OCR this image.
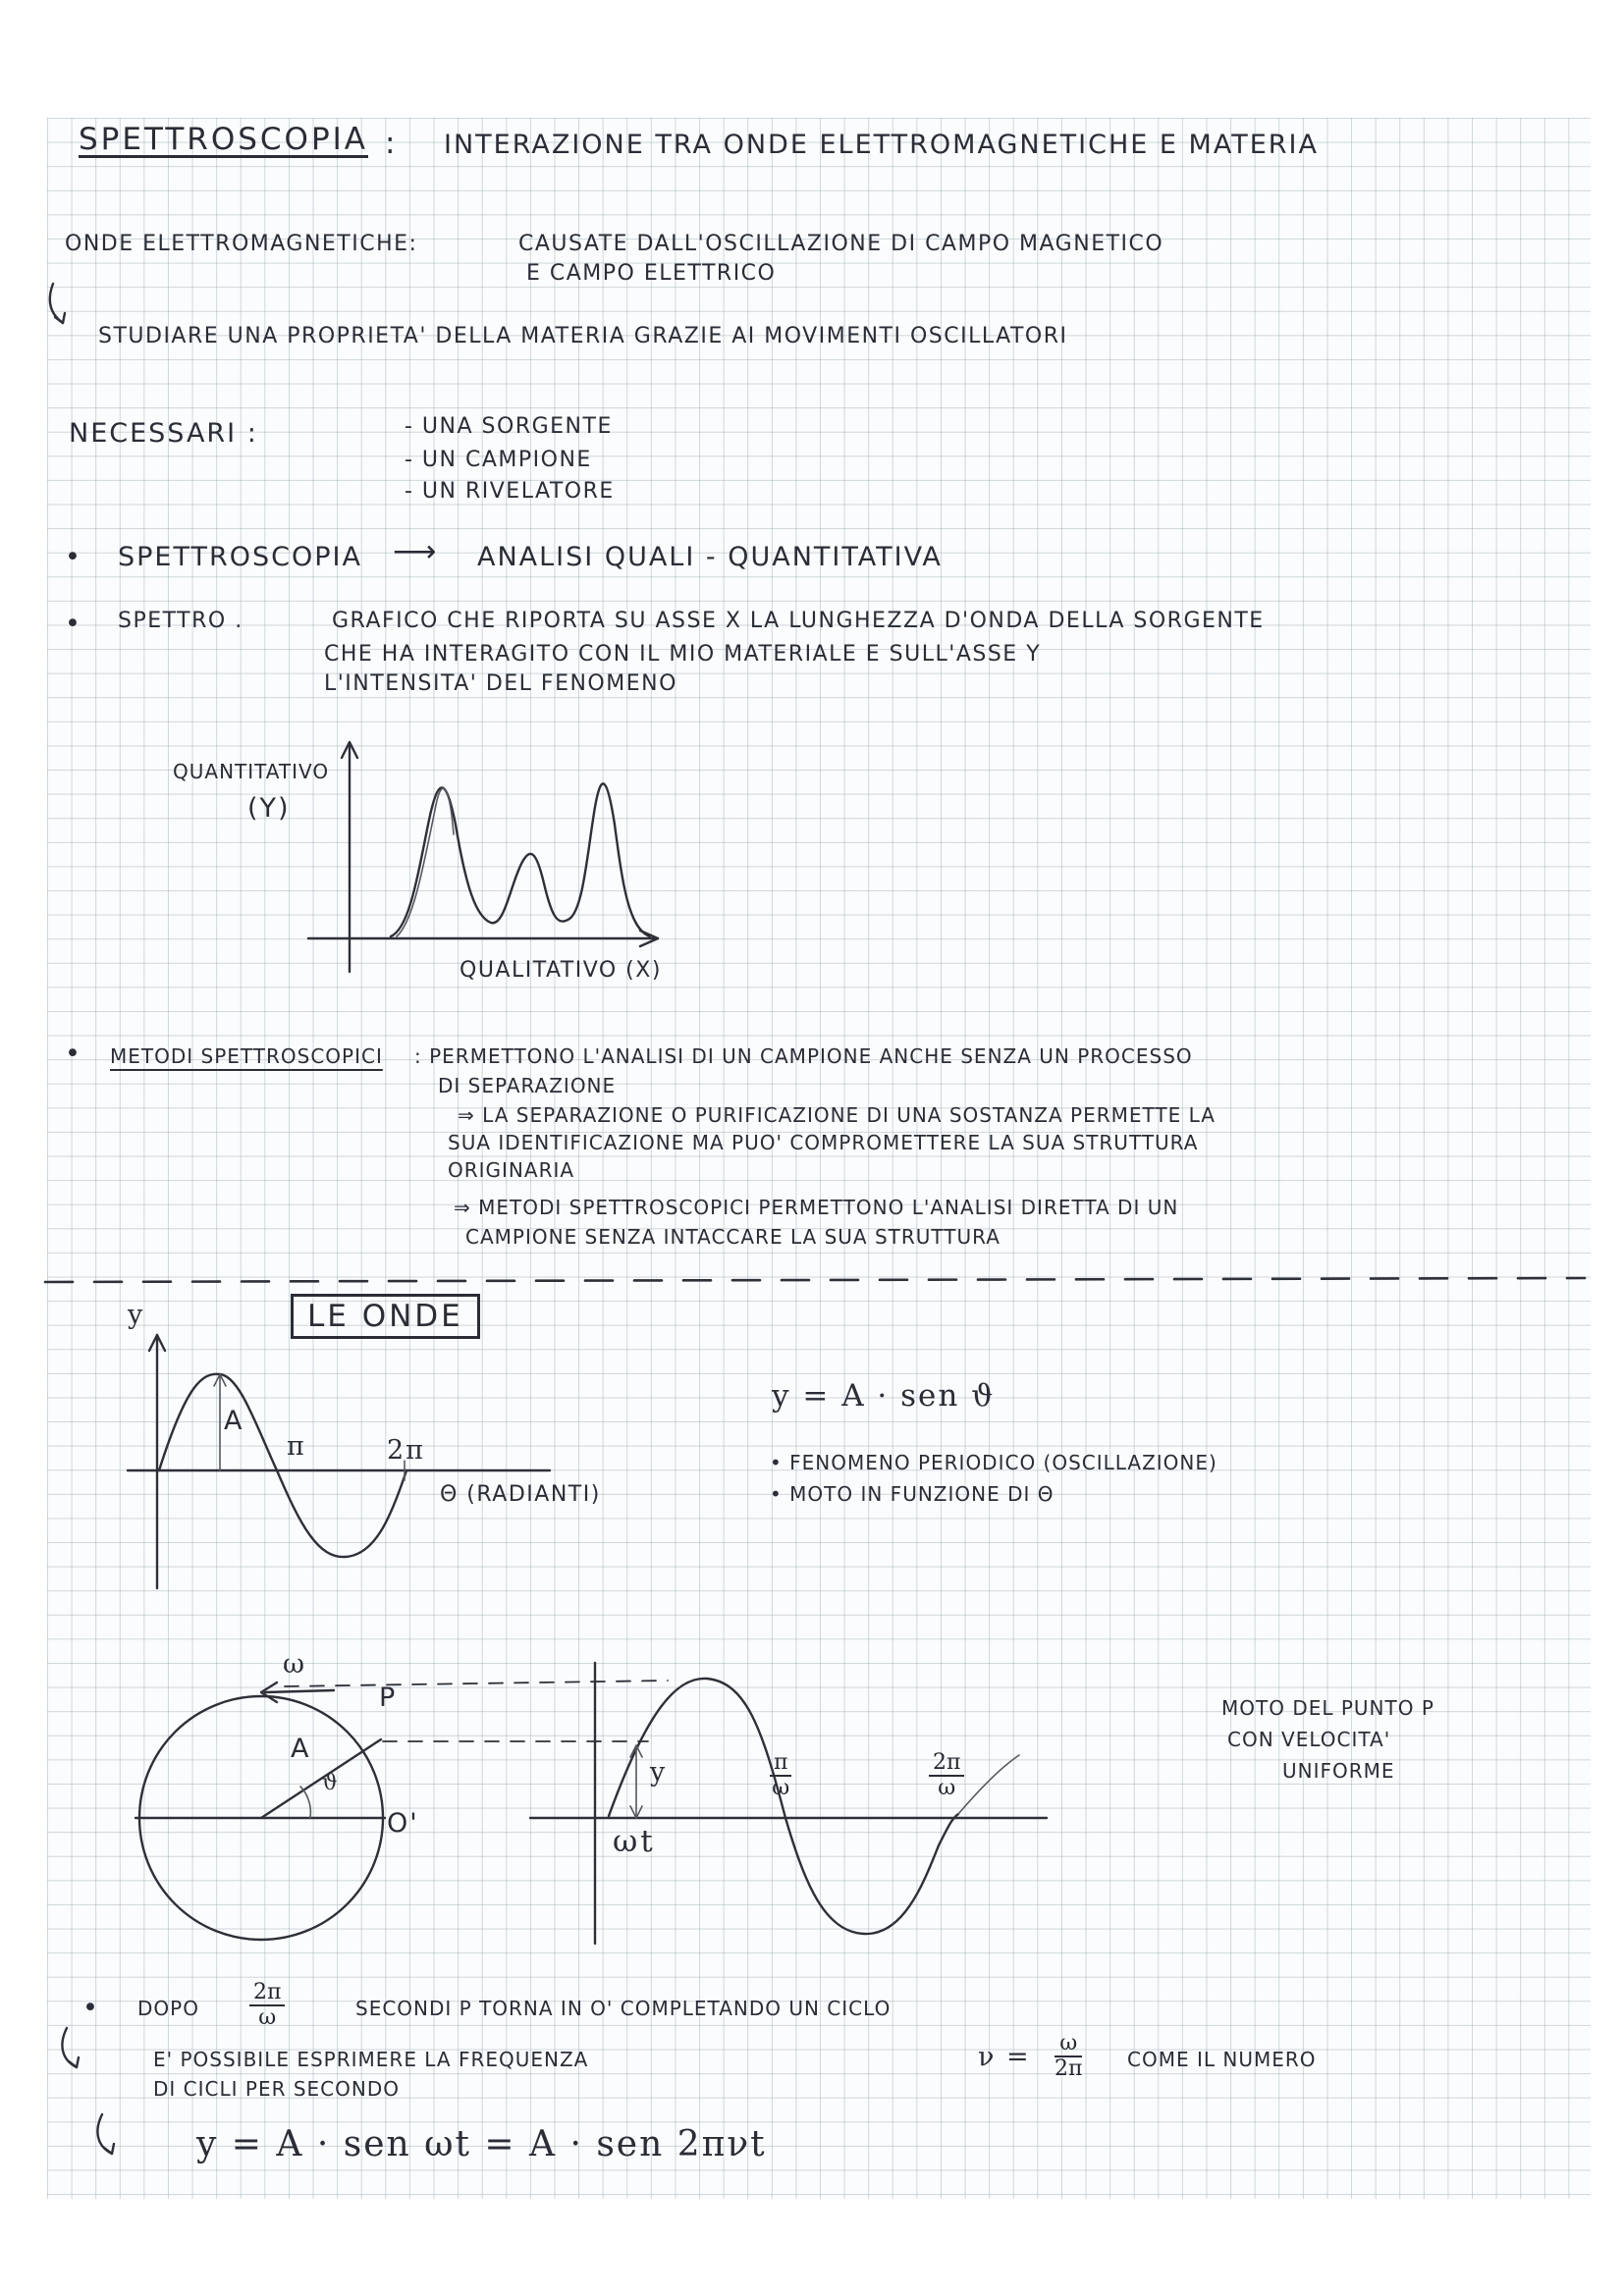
SPETTROSCOPIA : INTERAZIONE TRA ONDE ELETTROMAGNETICHE E MATERIA
ONDE ELETTROMAGNETICHE:	CAUSATE DALL'OSCILLAZIONE DI CAMPO MAGNETICO
E CAMPO ELETTRICO
STUDIARE UNA PROPRIETA' DELLA MATERIA GRAZIE AI MOVIMENTI OSCILLATORI
NECESSARI :	- UNA SORGENTE
- UN CAMPIONE
- UN RIVELATORE
• SPETTROSCOPIA ⟶ ANALISI QUALI - QUANTITATIVA
• SPETTRO .	GRAFICO CHE RIPORTA SU ASSE X LA LUNGHEZZA D'ONDA DELLA SORGENTE
CHE HA INTERAGITO CON IL MIO MATERIALE E SULL'ASSE Y
L'INTENSITA' DEL FENOMENO
QUANTITATIVO
(Y)
QUALITATIVO (X)
• METODI SPETTROSCOPICI : PERMETTONO L'ANALISI DI UN CAMPIONE ANCHE SENZA UN PROCESSO
DI SEPARAZIONE
⇒ LA SEPARAZIONE O PURIFICAZIONE DI UNA SOSTANZA PERMETTE LA
SUA IDENTIFICAZIONE MA PUO' COMPROMETTERE LA SUA STRUTTURA
ORIGINARIA
⇒ METODI SPETTROSCOPICI PERMETTONO L'ANALISI DIRETTA DI UN
CAMPIONE SENZA INTACCARE LA SUA STRUTTURA
LE ONDE
y
A
π	2π
Θ (RADIANTI)
y = A · sen ϑ
• FENOMENO PERIODICO (OSCILLAZIONE)
• MOTO IN FUNZIONE DI Θ
ω
P
A
ϑ
O'
y
ωt
$\frac{\pi}{\omega}$	$\frac{2\pi}{\omega}$
MOTO DEL PUNTO P
CON VELOCITA'
UNIFORME
• DOPO $\frac{2\pi}{\omega}$	SECONDI P TORNA IN O' COMPLETANDO UN CICLO
E' POSSIBILE ESPRIMERE LA FREQUENZA	$\nu = \frac{\omega}{2\pi}$ COME IL NUMERO
DI CICLI PER SECONDO
y = A · sen ωt = A · sen 2πνt
